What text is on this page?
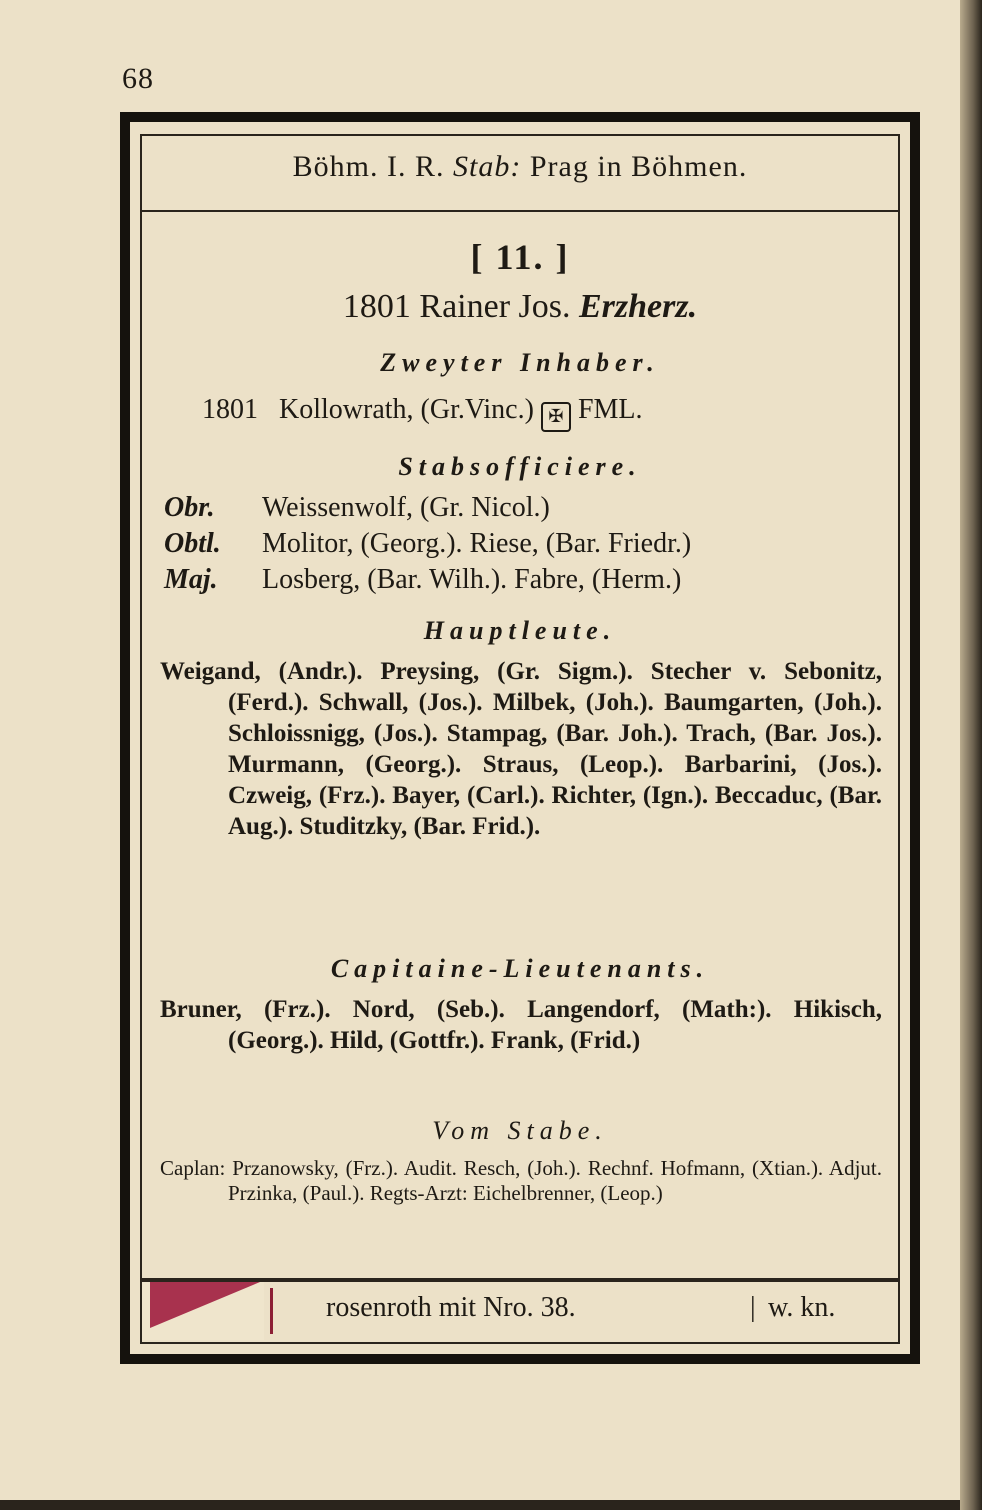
68
Böhm. I. R. Stab: Prag in Böhmen.
[ 11. ]
1801 Rainer Jos. Erzherz.
Zweyter Inhaber.
1801 Kollowrath, (Gr.Vinc.) ✠ FML.
Stabsofficiere.
Obr. Weissenwolf, (Gr. Nicol.)
Obtl. Molitor, (Georg.). Riese, (Bar. Friedr.)
Maj. Losberg, (Bar. Wilh.). Fabre, (Herm.)
Hauptleute.
Weigand, (Andr.). Preysing, (Gr. Sigm.). Stecher v. Sebonitz, (Ferd.). Schwall, (Jos.). Milbek, (Joh.). Baumgarten, (Joh.). Schloissnigg, (Jos.). Stampag, (Bar. Joh.). Trach, (Bar. Jos.). Murmann, (Georg.). Straus, (Leop.). Barbarini, (Jos.). Czweig, (Frz.). Bayer, (Carl.). Richter, (Ign.). Beccaduc, (Bar. Aug.). Studitzky, (Bar. Frid.).
Capitaine-Lieutenants.
Bruner, (Frz.). Nord, (Seb.). Langendorf, (Math:). Hikisch, (Georg.). Hild, (Gottfr.). Frank, (Frid.)
Vom Stabe.
Caplan: Przanowsky, (Frz.). Audit. Resch, (Joh.). Rechnf. Hofmann, (Xtian.). Adjut. Przinka, (Paul.). Regts-Arzt: Eichelbrenner, (Leop.)
rosenroth mit Nro. 38.	| w. kn.
